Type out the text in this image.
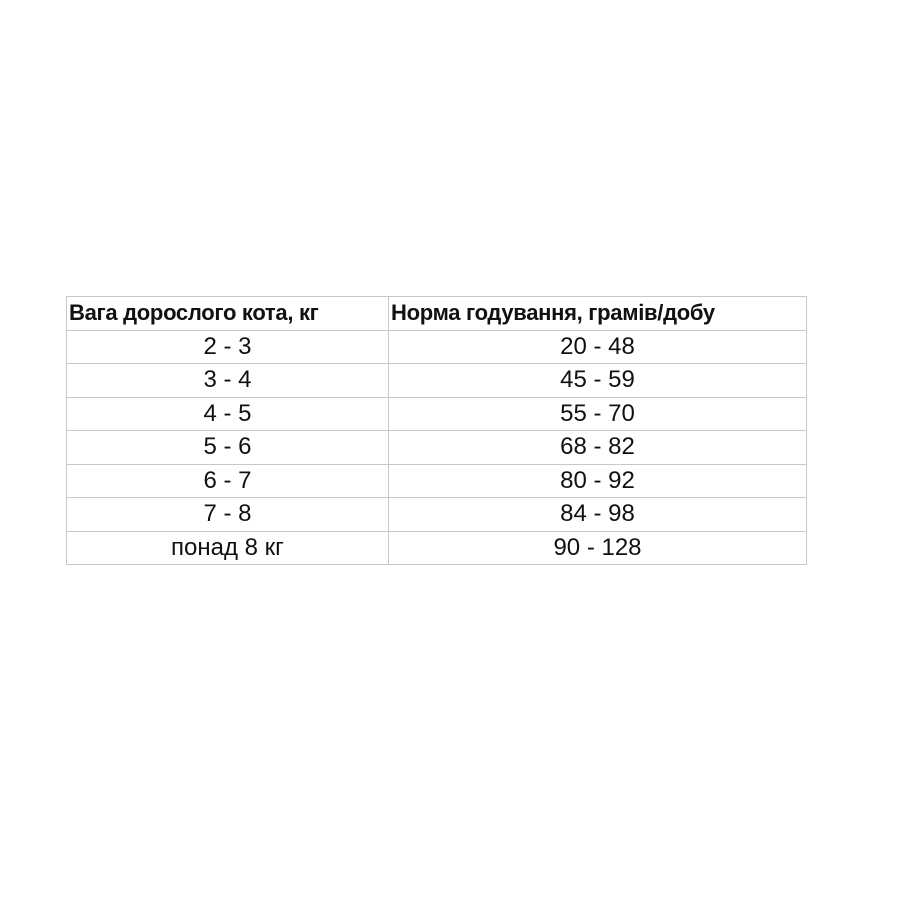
Вага дорослого кота, кг	Норма годування, грамів/добу
2 - 3	20 - 48
3 - 4	45 - 59
4 - 5	55 - 70
5 - 6	68 - 82
6 - 7	80 - 92
7 - 8	84 - 98
понад 8 кг	90 - 128
